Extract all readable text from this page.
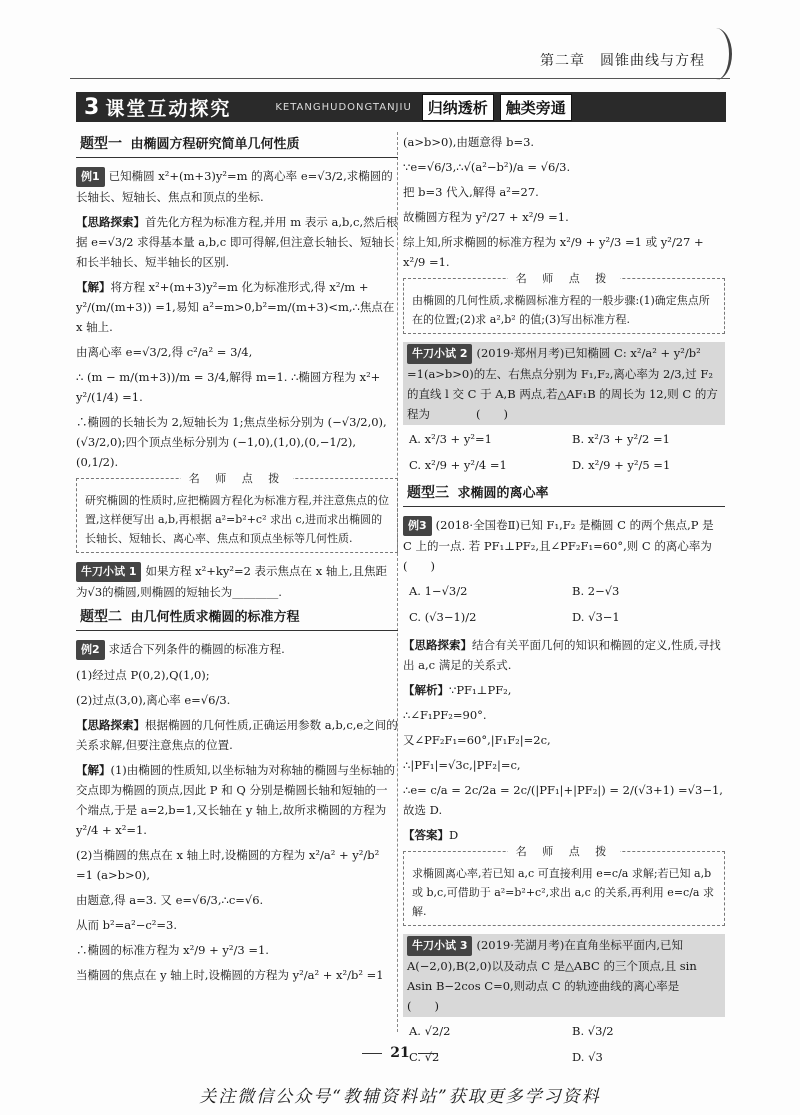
第二章　圆锥曲线与方程
3 课堂互动探究	KETANGHUDONGTANJIU	归纳透析	触类旁通
题型一 由椭圆方程研究简单几何性质

例1 已知椭圆 x²+(m+3)y²=m 的离心率 e=√3/2,求椭圆的长轴长、短轴长、焦点和顶点的坐标.

【思路探索】首先化方程为标准方程,并用 m 表示 a,b,c,然后根据 e=√3/2 求得基本量 a,b,c 即可得解,但注意长轴长、短轴长和长半轴长、短半轴长的区别.

【解】将方程 x²+(m+3)y²=m 化为标准形式,得 x²/m + y²/(m/(m+3)) =1,易知 a²=m>0,b²=m/(m+3)<m,∴焦点在 x 轴上.

由离心率 e=√3/2,得 c²/a² = 3/4,

∴ (m − m/(m+3))/m = 3/4,解得 m=1. ∴椭圆方程为 x²+ y²/(1/4) =1.

∴椭圆的长轴长为 2,短轴长为 1;焦点坐标分别为 (−√3/2,0),(√3/2,0);四个顶点坐标分别为 (−1,0),(1,0),(0,−1/2),(0,1/2).

名 师 点 拨
研究椭圆的性质时,应把椭圆方程化为标准方程,并注意焦点的位置,这样便写出 a,b,再根据 a²=b²+c² 求出 c,进而求出椭圆的长轴长、短轴长、离心率、焦点和顶点坐标等几何性质.

牛刀小试 1 如果方程 x²+ky²=2 表示焦点在 x 轴上,且焦距为√3的椭圆,则椭圆的短轴长为________.

题型二 由几何性质求椭圆的标准方程

例2 求适合下列条件的椭圆的标准方程.

(1)经过点 P(0,2),Q(1,0);

(2)过点(3,0),离心率 e=√6/3.

【思路探索】根据椭圆的几何性质,正确运用参数 a,b,c,e之间的关系求解,但要注意焦点的位置.

【解】(1)由椭圆的性质知,以坐标轴为对称轴的椭圆与坐标轴的交点即为椭圆的顶点,因此 P 和 Q 分别是椭圆长轴和短轴的一个端点,于是 a=2,b=1,又长轴在 y 轴上,故所求椭圆的方程为 y²/4 + x²=1.

(2)当椭圆的焦点在 x 轴上时,设椭圆的方程为 x²/a² + y²/b² =1 (a>b>0),

由题意,得 a=3. 又 e=√6/3,∴c=√6.

从而 b²=a²−c²=3.

∴椭圆的标准方程为 x²/9 + y²/3 =1.

当椭圆的焦点在 y 轴上时,设椭圆的方程为 y²/a² + x²/b² =1

(a>b>0),由题意得 b=3.

∵e=√6/3,∴√(a²−b²)/a = √6/3.

把 b=3 代入,解得 a²=27.

故椭圆方程为 y²/27 + x²/9 =1.

综上知,所求椭圆的标准方程为 x²/9 + y²/3 =1 或 y²/27 + x²/9 =1.

名 师 点 拨
由椭圆的几何性质,求椭圆标准方程的一般步骤:(1)确定焦点所在的位置;(2)求 a²,b² 的值;(3)写出标准方程.

牛刀小试 2 (2019·郑州月考)已知椭圆 C: x²/a² + y²/b² =1(a>b>0)的左、右焦点分别为 F₁,F₂,离心率为 2/3,过 F₂ 的直线 l 交 C 于 A,B 两点,若△AF₁B 的周长为 12,则 C 的方程为　　　　(　　)

A. x²/3 + y²=1	B. x²/3 + y²/2 =1
C. x²/9 + y²/4 =1	D. x²/9 + y²/5 =1
题型三 求椭圆的离心率

例3 (2018·全国卷Ⅱ)已知 F₁,F₂ 是椭圆 C 的两个焦点,P 是 C 上的一点. 若 PF₁⊥PF₂,且∠PF₂F₁=60°,则 C 的离心率为　　　　(　　)

A. 1−√3/2	B. 2−√3
C. (√3−1)/2	D. √3−1

【思路探索】结合有关平面几何的知识和椭圆的定义,性质,寻找出 a,c 满足的关系式.

【解析】∵PF₁⊥PF₂,

∴∠F₁PF₂=90°.

又∠PF₂F₁=60°,|F₁F₂|=2c,

∴|PF₁|=√3c,|PF₂|=c,

∴e= c/a = 2c/2a = 2c/(|PF₁|+|PF₂|) = 2/(√3+1) =√3−1,故选 D.

【答案】D

名 师 点 拨
求椭圆离心率,若已知 a,c 可直接利用 e=c/a 求解;若已知 a,b 或 b,c,可借助于 a²=b²+c²,求出 a,c 的关系,再利用 e=c/a 求解.

牛刀小试 3 (2019·芜湖月考)在直角坐标平面内,已知 A(−2,0),B(2,0)以及动点 C 是△ABC 的三个顶点,且 sin Asin B−2cos C=0,则动点 C 的轨迹曲线的离心率是　　　　(　　)

A. √2/2	B. √3/2
C. √2	D. √3
21
关注微信公众号“教辅资料站”获取更多学习资料
